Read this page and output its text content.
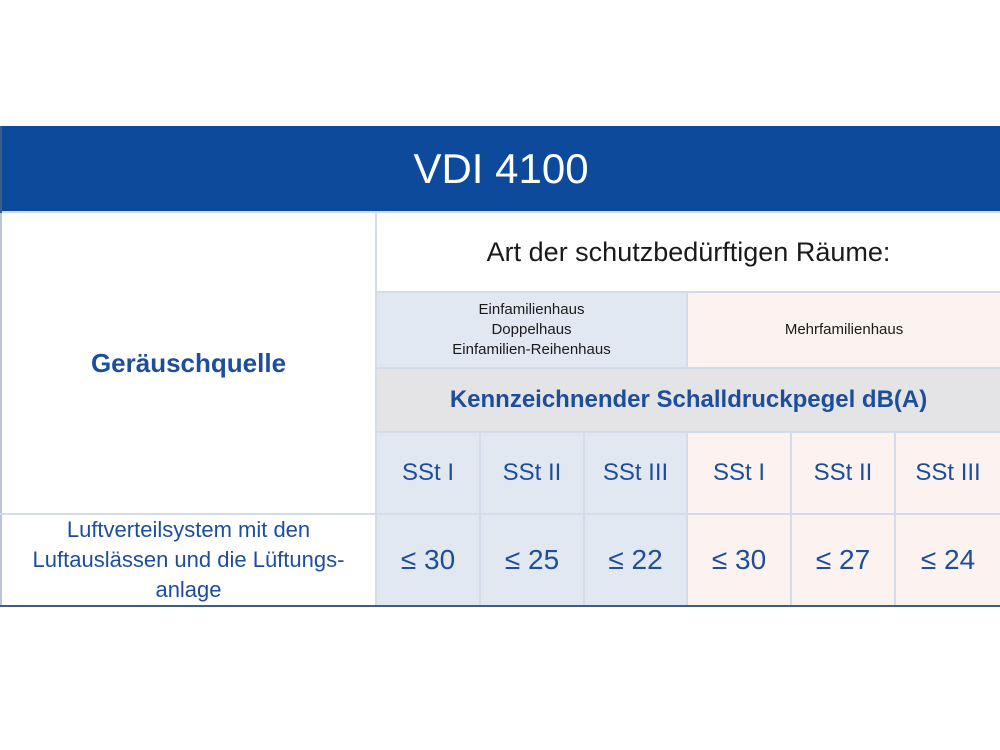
VDI 4100						
Geräuschquelle	Art der schutzbedürftigen Räume:					

	Einfamilienhaus
Doppelhaus
Einfamilien-Reihenhaus			Mehrfamilienhaus		

	Kennzeichnender Schalldruckpegel dB(A)					
	SSt I	SSt II	SSt III	SSt I	SSt II	SSt III

Luftverteilsystem mit den
Luftauslässen und die Lüftungs-
anlage	≤ 30	≤ 25	≤ 22	≤ 30	≤ 27	≤ 24
